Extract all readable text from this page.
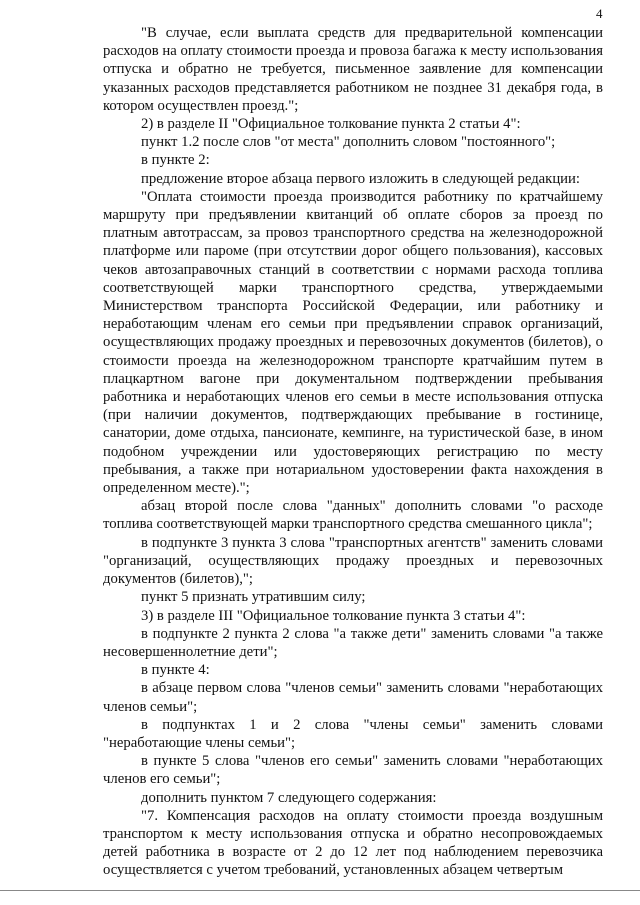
4

"В случае, если выплата средств для предварительной компенсации расходов на оплату стоимости проезда и провоза багажа к месту использования отпуска и обратно не требуется, письменное заявление для компенсации указанных расходов представляется работником не позднее 31 декабря года, в котором осуществлен проезд.";

2) в разделе II "Официальное толкование пункта 2 статьи 4":

пункт 1.2 после слов "от места" дополнить словом "постоянного";

в пункте 2:

предложение второе абзаца первого изложить в следующей редакции:

"Оплата стоимости проезда производится работнику по кратчайшему маршруту при предъявлении квитанций об оплате сборов за проезд по платным автотрассам, за провоз транспортного средства на железнодорожной платформе или пароме (при отсутствии дорог общего пользования), кассовых чеков автозаправочных станций в соответствии с нормами расхода топлива соответствующей марки транспортного средства, утверждаемыми Министерством транспорта Российской Федерации, или работнику и неработающим членам его семьи при предъявлении справок организаций, осуществляющих продажу проездных и перевозочных документов (билетов), о стоимости проезда на железнодорожном транспорте кратчайшим путем в плацкартном вагоне при документальном подтверждении пребывания работника и неработающих членов его семьи в месте использования отпуска (при наличии документов, подтверждающих пребывание в гостинице, санатории, доме отдыха, пансионате, кемпинге, на туристической базе, в ином подобном учреждении или удостоверяющих регистрацию по месту пребывания, а также при нотариальном удостоверении факта нахождения в определенном месте).";

абзац второй после слова "данных" дополнить словами "о расходе топлива соответствующей марки транспортного средства смешанного цикла";

в подпункте 3 пункта 3 слова "транспортных агентств" заменить словами "организаций, осуществляющих продажу проездных и перевозочных документов (билетов),";

пункт 5 признать утратившим силу;

3) в разделе III "Официальное толкование пункта 3 статьи 4":

в подпункте 2 пункта 2 слова "а также дети" заменить словами "а также несовершеннолетние дети";

в пункте 4:

в абзаце первом слова "членов семьи" заменить словами "неработающих членов семьи";

в подпунктах 1 и 2 слова "члены семьи" заменить словами "неработающие члены семьи";

в пункте 5 слова "членов его семьи" заменить словами "неработающих членов его семьи";

дополнить пунктом 7 следующего содержания:

"7. Компенсация расходов на оплату стоимости проезда воздушным транспортом к месту использования отпуска и обратно несопровождаемых детей работника в возрасте от 2 до 12 лет под наблюдением перевозчика осуществляется с учетом требований, установленных абзацем четвертым
